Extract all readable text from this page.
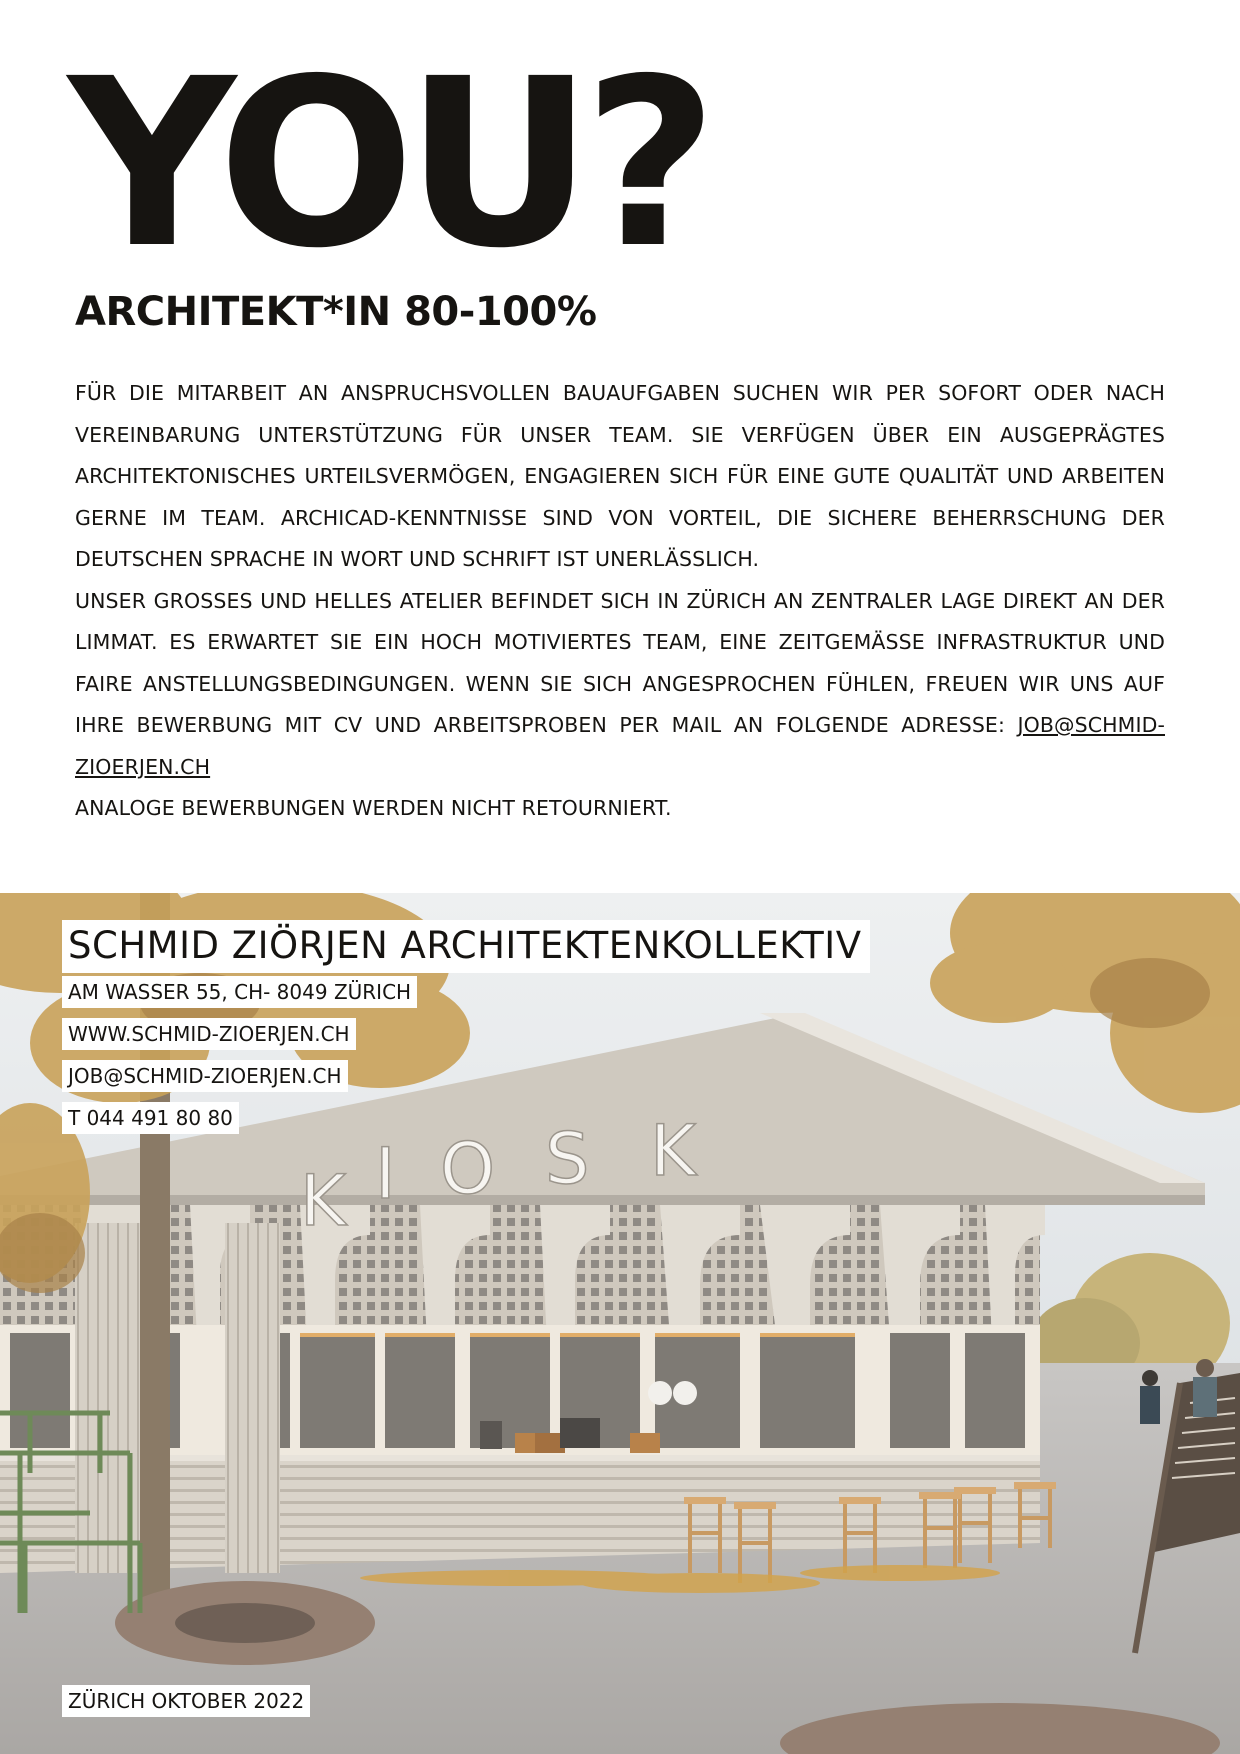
YOU?
ARCHITEKT*IN 80-100%

FÜR DIE MITARBEIT AN ANSPRUCHSVOLLEN BAUAUFGABEN SUCHEN WIR PER SOFORT ODER NACH VEREINBARUNG UNTERSTÜTZUNG FÜR UNSER TEAM. SIE VERFÜGEN ÜBER EIN AUSGEPRÄGTES ARCHITEKTONISCHES URTEILSVERMÖGEN, ENGAGIEREN SICH FÜR EINE GUTE QUALITÄT UND ARBEITEN GERNE IM TEAM. ARCHICAD-KENNTNISSE SIND VON VORTEIL, DIE SICHERE BEHERRSCHUNG DER DEUTSCHEN SPRACHE IN WORT UND SCHRIFT IST UNERLÄSSLICH.

UNSER GROSSES UND HELLES ATELIER BEFINDET SICH IN ZÜRICH AN ZENTRALER LAGE DIREKT AN DER LIMMAT. ES ERWARTET SIE EIN HOCH MOTIVIERTES TEAM, EINE ZEITGEMÄSSE INFRASTRUKTUR UND FAIRE ANSTELLUNGSBEDINGUNGEN. WENN SIE SICH ANGESPROCHEN FÜHLEN, FREUEN WIR UNS AUF IHRE BEWERBUNG MIT CV UND ARBEITSPROBEN PER MAIL AN FOLGENDE ADRESSE: JOB@SCHMID-ZIOERJEN.CH

ANALOGE BEWERBUNGEN WERDEN NICHT RETOURNIERT.

K I O S K
SCHMID ZIÖRJEN ARCHITEKTENKOLLEKTIV
AM WASSER 55, CH- 8049 ZÜRICH
WWW.SCHMID-ZIOERJEN.CH
JOB@SCHMID-ZIOERJEN.CH
T 044 491 80 80
ZÜRICH OKTOBER 2022
